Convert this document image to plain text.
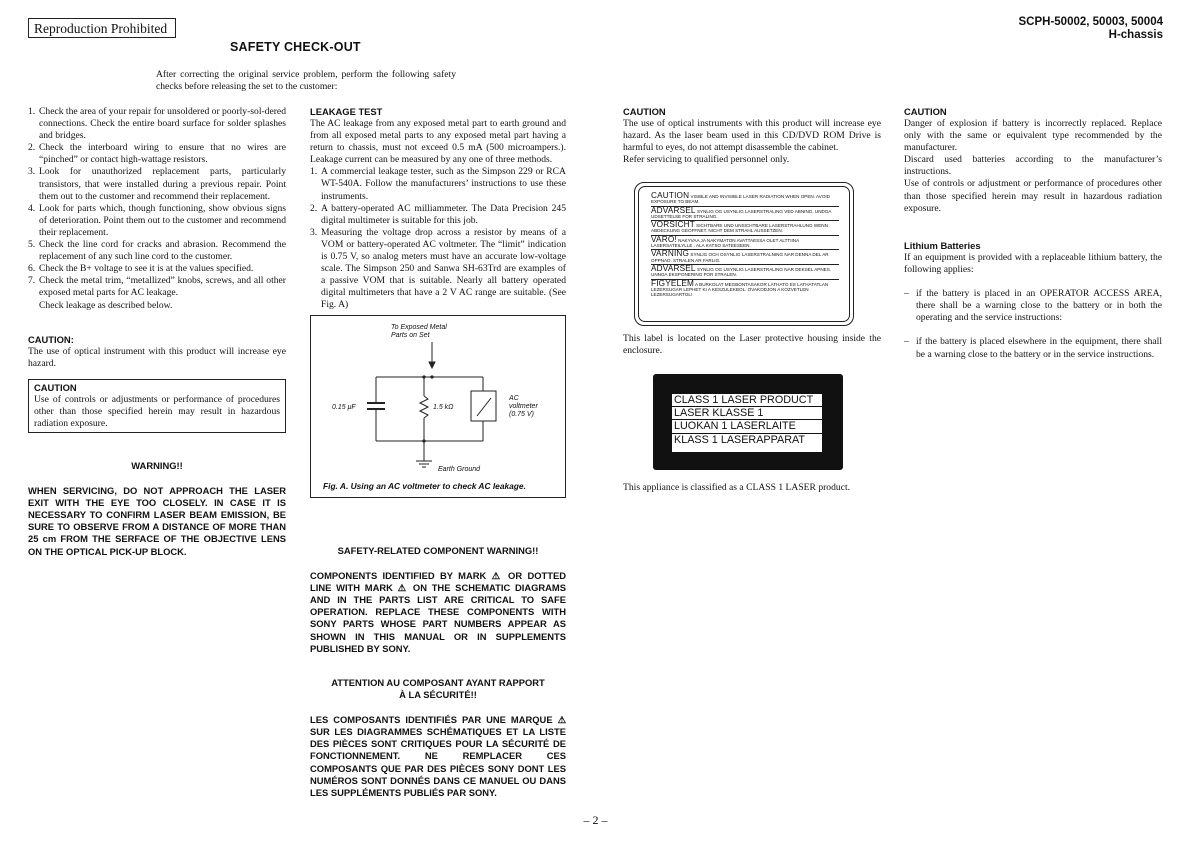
Reproduction Prohibited	SCPH-50002, 50003, 50004
H-chassis
SAFETY CHECK-OUT

After correcting the original service problem, perform the following safety checks before releasing the set to the customer:

1. Check the area of your repair for unsoldered or poorly-sol-dered connections. Check the entire board surface for solder splashes and bridges.
2. Check the interboard wiring to ensure that no wires are “pinched” or contact high-wattage resistors.
3. Look for unauthorized replacement parts, particularly transistors, that were installed during a previous repair. Point them out to the customer and recommend their replacement.
4. Look for parts which, though functioning, show obvious signs of deterioration. Point them out to the customer and recommend their replacement.
5. Check the line cord for cracks and abrasion. Recommend the replacement of any such line cord to the customer.
6. Check the B+ voltage to see it is at the values specified.
7. Check the metal trim, “metallized” knobs, screws, and all other exposed metal parts for AC leakage.
Check leakage as described below.
CAUTION:

The use of optical instrument with this product will increase eye hazard.

CAUTION

Use of controls or adjustments or performance of procedures other than those specified herein may result in hazardous radiation exposure.

WARNING!!
WHEN SERVICING, DO NOT APPROACH THE LASER EXIT WITH THE EYE TOO CLOSELY. IN CASE IT IS NECESSARY TO CONFIRM LASER BEAM EMISSION, BE SURE TO OBSERVE FROM A DISTANCE OF MORE THAN 25 cm FROM THE SERFACE OF THE OBJECTIVE LENS ON THE OPTICAL PICK-UP BLOCK.
LEAKAGE TEST

The AC leakage from any exposed metal part to earth ground and from all exposed metal parts to any exposed metal part having a return to chassis, must not exceed 0.5 mA (500 microampers.). Leakage current can be measured by any one of three methods.

1. A commercial leakage tester, such as the Simpson 229 or RCA WT-540A. Follow the manufacturers’ instructions to use these instruments.
2. A battery-operated AC milliammeter. The Data Precision 245 digital multimeter is suitable for this job.
3. Measuring the voltage drop across a resistor by means of a VOM or battery-operated AC voltmeter. The “limit” indication is 0.75 V, so analog meters must have an accurate low-voltage scale. The Simpson 250 and Sanwa SH-63Trd are examples of a passive VOM that is suitable. Nearly all battery operated digital multimeters that have a 2 V AC range are suitable. (See Fig. A)
To Exposed Metal
Parts on Set
0.15 μF	1.5 kΩ
AC
voltmeter
(0.75 V)
Earth Ground
Fig. A. Using an AC voltmeter to check AC leakage.
SAFETY-RELATED COMPONENT WARNING!!
COMPONENTS IDENTIFIED BY MARK ⚠ OR DOTTED LINE WITH MARK ⚠ ON THE SCHEMATIC DIAGRAMS AND IN THE PARTS LIST ARE CRITICAL TO SAFE OPERATION. REPLACE THESE COMPONENTS WITH SONY PARTS WHOSE PART NUMBERS APPEAR AS SHOWN IN THIS MANUAL OR IN SUPPLEMENTS PUBLISHED BY SONY.
ATTENTION AU COMPOSANT AYANT RAPPORT
À LA SÉCURITÉ!!
LES COMPOSANTS IDENTIFIÉS PAR UNE MARQUE ⚠ SUR LES DIAGRAMMES SCHÉMATIQUES ET LA LISTE DES PIÈCES SONT CRITIQUES POUR LA SÉCURITÉ DE FONCTIONNEMENT. NE REMPLACER CES COMPOSANTS QUE PAR DES PIÈCES SONY DONT LES NUMÉROS SONT DONNÉS DANS CE MANUEL OU DANS LES SUPPLÉMENTS PUBLIÉS PAR SONY.
CAUTION

The use of optical instruments with this product will increase eye hazard. As the laser beam used in this CD/DVD ROM Drive is harmful to eyes, do not attempt disassemble the cabinet.

Refer servicing to qualified personnel only.

CAUTION VISIBLE AND INVISIBLE LASER RADIATION WHEN OPEN. AVOID EXPOSURE TO BEAM.
ADVARSEL SYNLIG OG USYNLIG LASERSTRALING VED ABNING. UNDGA UDSETTELSE FOR STRALING.
VORSICHT SICHTBARE UND UNSICHTBARE LASERSTRAHLUNG WENN ABDECKUNG GEOFFNET. NICHT DEM STRAHL AUSSETZEN.
VARO! NAKYVAA JA NAKYMATON AVATTAESSA OLET ALTTIINA LASERSATEILYLLE . ALA KATSO SATEESEEN.
VARNING SYNLIG OCH OSYNLIG LASERSTRALNING NAR DENNA DEL AR OPPNAD. STRALEN AR FARLIG.
ADVARSEL SYNLIG OG USYNLIG LASERSTRALING NAR DEKSEL APNES. UNNGA EKSPONERING FOR STRALEN.
FIGYELEM A BURKOLAT MEGBONTASAKOR LATHATO ES LATHATATLAN LEZERSUGAR LEPHET KI A KESZULEKBOL. OVAKODJON A KOZVETLEN LEZERSUGARTOL!

This label is located on the Laser protective housing inside the enclosure.

CLASS 1 LASER PRODUCT
LASER KLASSE 1
LUOKAN 1 LASERLAITE
KLASS 1 LASERAPPARAT

This appliance is classified as a CLASS 1 LASER product.

CAUTION

Danger of explosion if battery is incorrectly replaced. Replace only with the same or equivalent type recommended by the manufacturer.

Discard used batteries according to the manufacturer’s instructions.

Use of controls or adjustment or performance of procedures other than those specified herein may result in hazardous radiation exposure.

Lithium Batteries

If an equipment is provided with a replaceable lithium battery, the following applies:

– if the battery is placed in an OPERATOR ACCESS AREA, there shall be a warning close to the battery or in both the operating and the service instructions:
– if the battery is placed elsewhere in the equipment, there shall be a warning close to the battery or in the service instructions.
– 2 –
